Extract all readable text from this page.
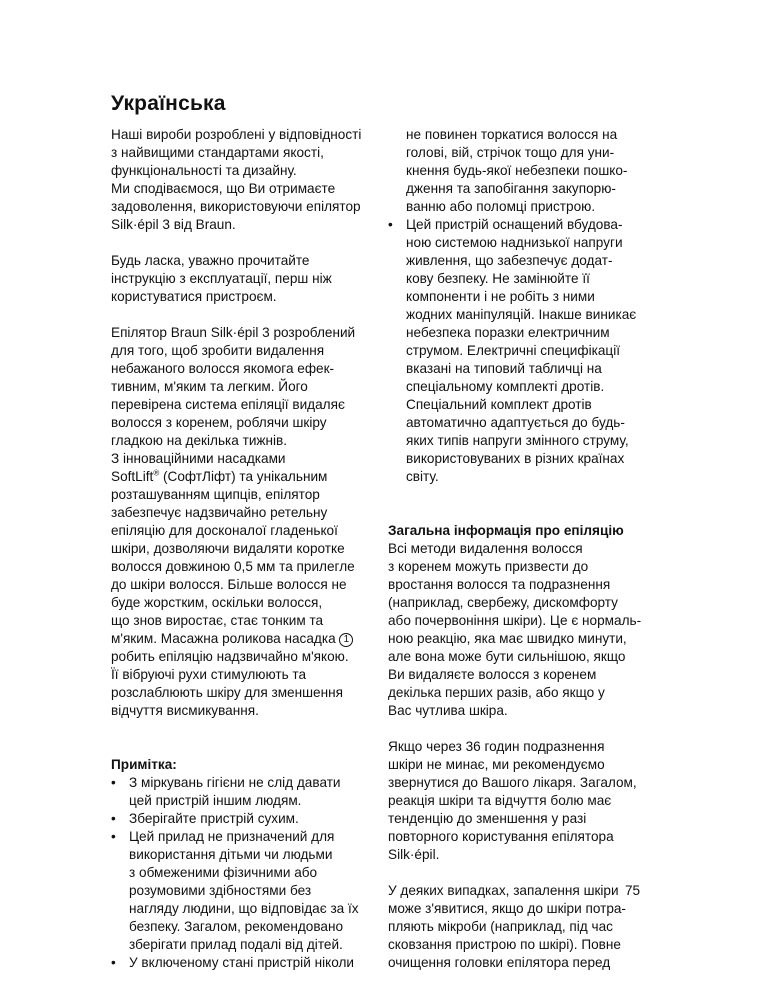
Українська

Наші вироби розроблені у відповідності
з найвищими стандартами якості,
функціональності та дизайну.
Ми сподіваємося, що Ви отримаєте
задоволення, використовуючи епілятор
Silk·épil 3 від Braun.

Будь ласка, уважно прочитайте
інструкцію з експлуатації, перш ніж
користуватися пристроєм.

Епілятор Braun Silk·épil 3 розроблений
для того, щоб зробити видалення
небажаного волосся якомога ефек-
тивним, м'яким та легким. Його
перевірена система епіляції видаляє
волосся з коренем, роблячи шкіру
гладкою на декілька тижнів.
З інноваційними насадками
SoftLift® (СофтЛіфт) та унікальним
розташуванням щипців, епілятор
забезпечує надзвичайно ретельну
епіляцію для досконалої гладенької
шкіри, дозволяючи видаляти коротке
волосся довжиною 0,5 мм та прилегле
до шкіри волосся. Більше волосся не
буде жорстким, оскільки волосся,
що знов виростає, стає тонким та
м'яким. Масажна роликова насадка 1
робить епіляцію надзвичайно м'якою.
Її вібруючі рухи стимулюють та
розслаблюють шкіру для зменшення
відчуття висмикування.

Примітка:

• З міркувань гігієни не слід давати
цей пристрій іншим людям.
• Зберігайте пристрій сухим.
• Цей прилад не призначений для
використання дітьми чи людьми
з обмеженими фізичними або
розумовими здібностями без
нагляду людини, що відповідає за їх
безпеку. Загалом, рекомендовано
зберігати прилад подалі від дітей.
• У включеному стані пристрій ніколи
не повинен торкатися волосся на
голові, вій, стрічок тощо для уни-
кнення будь-якої небезпеки пошко-
дження та запобігання закупорю-
ванню або поломці пристрою.
• Цей пристрій оснащений вбудова-
ною системою наднизької напруги
живлення, що забезпечує додат-
кову безпеку. Не замінюйте її
компоненти і не робіть з ними
жодних маніпуляцій. Інакше виникає
небезпека поразки електричним
струмом. Електричні специфікації
вказані на типовий табличці на
спеціальному комплекті дротів.
Спеціальний комплект дротів
автоматично адаптується до будь-
яких типів напруги змінного струму,
використовуваних в різних країнах
світу.

Загальна інформація про епіляцію

Всі методи видалення волосся
з коренем можуть призвести до
вростання волосся та подразнення
(наприклад, свербежу, дискомфорту
або почервоніння шкіри). Це є нормаль-
ною реакцію, яка має швидко минути,
але вона може бути сильнішою, якщо
Ви видаляєте волосся з коренем
декілька перших разів, або якщо у
Вас чутлива шкіра.

Якщо через 36 годин подразнення
шкіри не минає, ми рекомендуємо
звернутися до Вашого лікаря. Загалом,
реакція шкіри та відчуття болю має
тенденцію до зменшення у разі
повторного користування епілятора
Silk·épil.

У деяких випадках, запалення шкіри
може з'явитися, якщо до шкіри потра-
пляють мікроби (наприклад, під час
сковзання пристрою по шкірі). Повне
очищення головки епілятора перед

75
